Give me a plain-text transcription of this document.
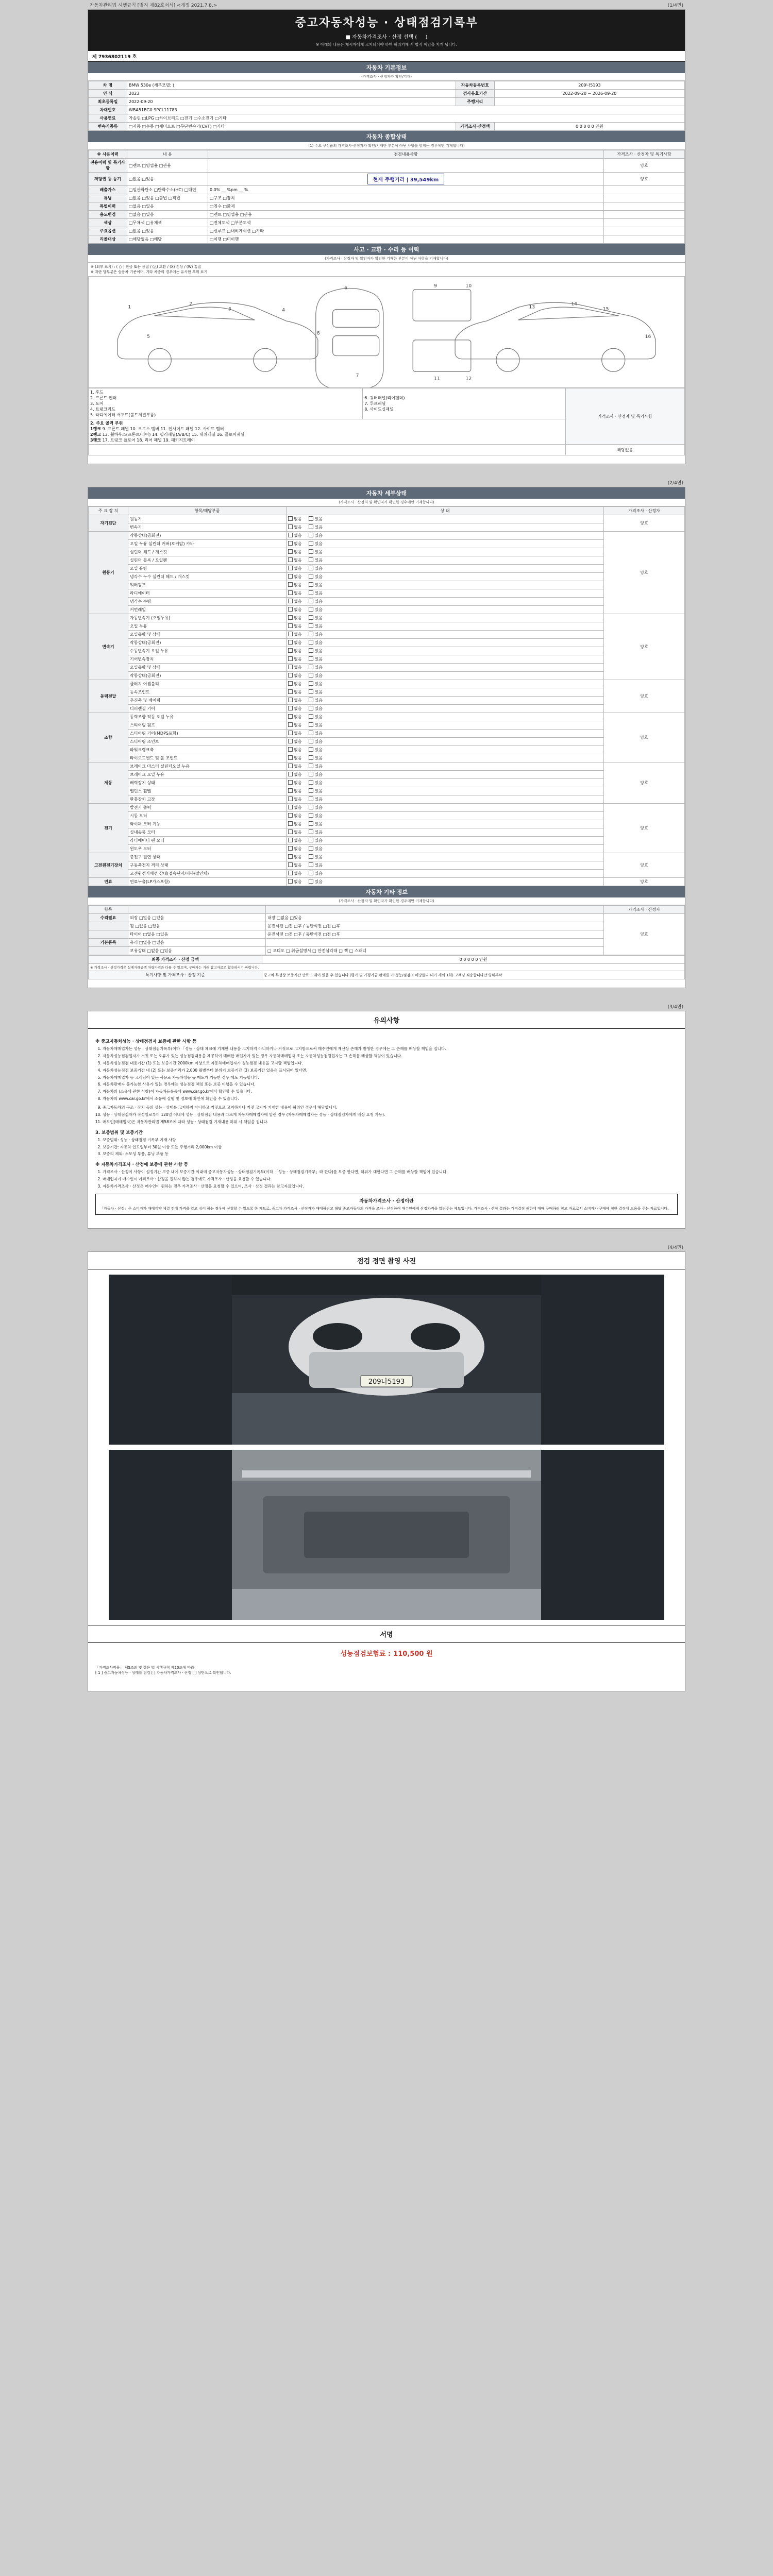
자동차관리법 시행규칙 [별지 제82호서식] <개정 2021.7.8.>	(1/4면)
중고자동차성능 · 상태점검기록부
■ 자동차가격조사 · 산정 선택 ( 　 )
※ 아래의 내용은 제시자에게 고지되어야 하며 허위기재 시 법적 책임을 지게 됩니다.
제 7936802119 호
자동차 기본정보
(가격조사 · 산정자가 확인/기재)
차 명	BMW 530e (세부모델: )	자동차등록번호	209나5193
연 식	2023	검사유효기간	2022-09-20 ~ 2026-09-20
최초등록일	2022-09-20	주행거리	
차대번호	WBA51BG0 9PCL11783		
사용연료	가솔린 □LPG □하이브리드 □전기 □수소전기 □기타		
변속기종류	□자동 □수동 □세미오토 □무단변속기(CVT) □기타	가격조사·산정액	0 0 0 0 0 만원
자동차 종합상태
(1) 주요 구성품의 가격조사·산정자가 확인/기재한 부분이 아닌 사항을 함께는 경우에만 기재합니다)
※ 사용이력	내 용	점검내용사항	가격조사 · 산정자 및 특기사항
전용이력 및 특기사항	□렌트 □영업용 □관용		양호
저당권 등 등기	□없음 □있음	현재 주행거리 | 39,549km	양호
배출가스	□일산화탄소 □탄화수소(HC) □매연	0.0% __ %pm __ %	
튜닝	□없음 □있음 □불법 □적법	□구조 □장치	
특별이력	□없음 □있음	□침수 □화재	
용도변경	□없음 □있음	□렌트 □영업용 □관용	
색상	□무채색 □유채색	□전체도색 □부분도색	
주요옵션	□없음 □있음	□선루프 □내비게이션 □기타	
리콜대상	□해당없음 □해당	□이행 □미이행	
사고 · 교환 · 수리 등 이력
(가격조사 · 산정자 및 확인자가 확인한 기재한 부분이 아닌 사항을 기재합니다)
※ (외부 표시) : ( ○ ) 판금 또는 용접 / (△) 교환 / (X) 손상 / (W) 흠집
※ 자란 당부분은 승용차 기준이며, 기타 차종의 경우에는 유사한 부위 표기
1
2
3	4
5
6
7
8
9	10
11	12
13
14
15
16
1. 후드
2. 프론트 펜더
3. 도어
4. 트렁크리드
5. 라디에이터 서포트(볼트체결부품)

6. 쿼터패널(리어펜더)
7. 루프패널
8. 사이드실패널
	가격조사 · 산정자 및 특기사항

2. 주요 골격 부위
1랭크 9. 프론트 패널 10. 크로스 멤버 11. 인사이드 패널 12. 사이드 멤버
2랭크 13. 휠하우스(프론트/리어) 14. 필러패널(A/B/C) 15. 대쉬패널 16. 플로어패널
3랭크 17. 트렁크 플로어 18. 리어 패널 19. 패키지트레이		

		해당없음

(2/4면)
자동차 세부상태
(가격조사 · 산정자 및 확인자가 확인한 경우에만 기재합니다)
주 요 장 치	항목/해당부품	상 태	가격조사 · 산정자
자기진단	원동기	없음 있음	양호
	변속기	없음 있음	
원동기	작동상태(공회전)	없음 있음	양호
	오일 누유 실린더 커버(로커암) 카바	없음 있음	
	실린더 헤드 / 개스킷	없음 있음	
	실린더 블록 / 오일팬	없음 있음	
	오일 유량	없음 있음	
	냉각수 누수 실린더 헤드 / 개스킷	없음 있음	
	워터펌프	없음 있음	
	라디에이터	없음 있음	
	냉각수 수량	없음 있음	
	커먼레일	없음 있음	
변속기	자동변속기 (오일누유)	없음 있음	양호
	오일 누유	없음 있음	
	오일유량 및 상태	없음 있음	
	작동상태(공회전)	없음 있음	
	수동변속기 오일 누유	없음 있음	
	기어변속장치	없음 있음	
	오일유량 및 상태	없음 있음	
	작동상태(공회전)	없음 있음	
동력전달	클러치 어셈블리	없음 있음	양호
	등속조인트	없음 있음	
	추진축 및 베어링	없음 있음	
	디퍼렌셜 기어	없음 있음	
조향	동력조향 작동 오일 누유	없음 있음	양호
	스티어링 펌프	없음 있음	
	스티어링 기어(MDPS포함)	없음 있음	
	스티어링 조인트	없음 있음	
	파워크랭크축	없음 있음	
	타이로드엔드 및 볼 조인트	없음 있음	
제동	브레이크 마스터 실린더오일 누유	없음 있음	양호
	브레이크 오일 누유	없음 있음	
	배력장치 상태	없음 있음	
	밸런스 휠밸	없음 있음	
	완충장치 고장	없음 있음	
전기	발전기 출력	없음 있음	양호
	시동 모터	없음 있음	
	와이퍼 모터 기능	없음 있음	
	실내송풍 모터	없음 있음	
	라디에이터 팬 모터	없음 있음	
	윈도우 모터	없음 있음	
고전원전기장치	충전구 절연 상태	없음 있음	양호
	구동축전지 격리 상태	없음 있음	
	고전원전기배선 상태(접속단자/피복/절연체)	없음 있음	
연료	연료누출(LP가스포함)	없음 있음	양호
자동차 기타 정보
(가격조사 · 산정자 및 확인자가 확인한 경우에만 기재합니다)
항목			가격조사 · 산정자
수리필요	외장 □없음 □있음	내장 □없음 □있음	양호
	휠 □없음 □있음	운전석전 □전 □후 / 동반석전 □전 □후	
	타이어 □없음 □있음	운전석전 □전 □후 / 동반석전 □전 □후	
기본품목	유리 □없음 □있음		
	보유상태 □없음 □있음	□ 오디오 □ 취급설명서 □ 안전삼각대 □ 잭 □ 스패너	
최종 가격조사 · 산정 금액	0 0 0 0 0 만원
※ 가격조사 · 산정가격은 실제거래금액 차량가격과 다를 수 있으며, 구매자는 거래 참고자료로 활용하시기 바랍니다.	
특기사항 및 가격조사 · 산정 기준	중고차 특성상 보증기간 만료 도래이 있을 수 있습니다 (평가 및 가평가금 판매를 가 성능/점검의 해당없다 내가 제외 1회) 고객님 죄송합니다만 양해부탁

(3/4면)
유의사항
※ 중고자동차성능 · 상태점검자 보증에 관한 사항 등
1. 자동차매매업자는 성능 · 상태점검기록부(이하 「성능 · 상태 체크에 기재한 내용을 고지하지 아니하거나 거짓으로 고지함으로써 매수인에게 재산상 손해가 발생한 경우에는 그 손해를 배상할 책임을 집니다.
2. 자동차성능점검업자가 거짓 또는 오류가 있는 성능점검내용을 제공하여 매매한 매입자가 있는 경우 자동차매매업자 또는 자동차성능점검업자는 그 손해를 배상할 책임이 있습니다.
3. 자동차성능점검 내용기간 (1) 또는 보증기간 2000km 이상으로 자동차매매업자가 성능점검 내용을 고지할 책임입니다.
4. 자동차성능점검 보증기간 내 (2) 또는 보증거리가 2,000 월별부터 분위기 보증기간 (3) 보증기간 있음은 표시되어 있다면.
5. 자동차매매업자 등 고객님이 있는 사유로 자동차성능 등 매도가 기능한 경우 매도 기능합니다.
6. 자동차판매자 불가능한 사유가 있는 경우에는 성능점검 책임 또는 보증 이행을 수 있습니다.
7. 자동차의 (소유에 관한 사항)이 자동차등록증에 www.car.go.kr에서 확인할 수 있습니다.
8. 자동차의 www.car.go.kr에서 소유에 실행 및 정보에 확인에 확인을 수 있습니다.
9. 중고자동차의 구조 · 장치 등의 성능 · 상태를 고지하지 아니하고 거짓으로 고지하거나 거짓 고지가 기재한 내용이 허위인 경우에 해당합니다.
10. 성능 · 상태점검자가 작성일로부터 120일 이내에 성능 · 상태점검 내용과 다르게 자동차매매업자에 알린 경우 (자동차매매업자는 성능 · 상태점검자에게 배상 요청 가능).
11. 매도인(매매업자)은 자동차관리법 제58조에 따라 성능 · 상태점검 기재내용 허위 시 책임을 집니다.
3. 보증범위 및 보증기간
1. 보증범위: 성능 · 상태점검 기록부 기재 사항
2. 보증기간: 자동차 인도일부터 30일 이상 또는 주행거리 2,000km 이상
3. 보증의 제외: 소모성 부품, 튜닝 부품 등
※ 자동차가격조사 · 산정에 보증에 관한 사항 등
1. 가격조사 · 산정이 사항이 설정기간 보증 내에 보증기간 이내에 중고자동차성능 · 상태점검기록부(이하 「성능 · 상태점검기록부」라 한다)를 보증 한다면, 허위가 대한다면 그 손해를 배상할 책임이 있습니다.
2. 매매업자가 매수인이 가격조사 · 산정을 원하지 않는 경우에도 가격조사 · 산정을 요청할 수 있습니다.
3. 자동차가격조사 · 산정은 매수인이 원하는 경우 가격조사 · 산정을 요청할 수 있으며, 조사 · 산정 결과는 참고자료입니다.
자동차가격조사 · 산정이란
「자동차 · 산정」은 소비자가 매매계약 체결 전에 가격을 알고 싶어 하는 경우에 신청할 수 있도록 한 제도로, 중고차 가격조사 · 산정자가 매매하려고 해당 중고자동차의 가격을 조사 · 산정하여 매수인에게 산정가격을 알려주는 제도입니다. 가격조사 · 산정 결과는 가격결정 권한에 매매 구매하려 참고 자료로서 소비자가 구매에 정한 결정에 도움을 주는 자료입니다.

(4/4면)
점검 정면 촬영 사진
209나5193
서명
성능점검보험료 : 110,500 원
「가격조사비용」 제5조의 및 같은 법 시행규칙 제20조에 따라
[ 1 ] 중고자동차성능 · 상태를 점검 [ ] 자동차가격조사 · 산정 [ ] 상단으로 확인합니다.
